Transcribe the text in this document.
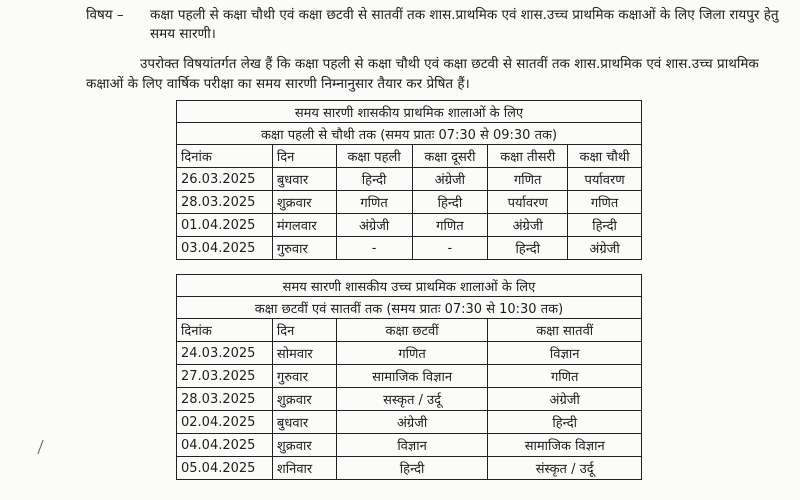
विषय –	कक्षा पहली से कक्षा चौथी एवं कक्षा छटवी से सातवीं तक शास.प्राथमिक एवं शास.उच्च प्राथमिक कक्षाओं के लिए जिला रायपुर हेतु समय सारणी।
उपरोक्त विषयांतर्गत लेख हैं कि कक्षा पहली से कक्षा चौथी एवं कक्षा छटवी से सातवीं तक शास.प्राथमिक एवं शास.उच्च प्राथमिक कक्षाओं के लिए वार्षिक परीक्षा का समय सारणी निम्नानुसार तैयार कर प्रेषित हैं।
समय सारणी शासकीय प्राथमिक शालाओं के लिए					
कक्षा पहली से चौथी तक (समय प्रातः 07:30 से 09:30 तक)					
दिनांक	दिन	कक्षा पहली	कक्षा दूसरी	कक्षा तीसरी	कक्षा चौथी
26.03.2025	बुधवार	हिन्दी	अंग्रेजी	गणित	पर्यावरण
28.03.2025	शुक्रवार	गणित	हिन्दी	पर्यावरण	गणित
01.04.2025	मंगलवार	अंग्रेजी	गणित	अंग्रेजी	हिन्दी
03.04.2025	गुरुवार	-	-	हिन्दी	अंग्रेजी
समय सारणी शासकीय उच्च प्राथमिक शालाओं के लिए			
कक्षा छटवीं एवं सातवीं तक (समय प्रातः 07:30 से 10:30 तक)			
दिनांक	दिन	कक्षा छटवीं	कक्षा सातवीं
24.03.2025	सोमवार	गणित	विज्ञान
27.03.2025	गुरुवार	सामाजिक विज्ञान	गणित
28.03.2025	शुक्रवार	सस्कृत / उर्दू	अंग्रेजी
02.04.2025	बुधवार	अंग्रेजी	हिन्दी
04.04.2025	शुक्रवार	विज्ञान	सामाजिक विज्ञान
05.04.2025	शनिवार	हिन्दी	संस्कृत / उर्दू
